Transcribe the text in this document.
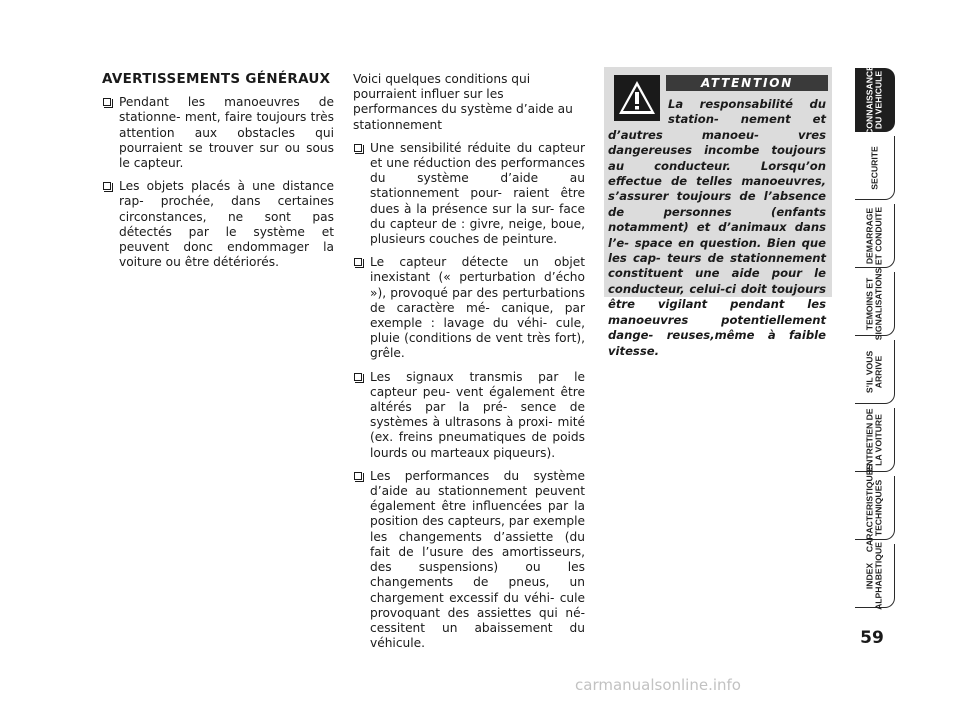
AVERTISSEMENTS GÉNÉRAUX
Pendant les manoeuvres de stationne- ment, faire toujours très attention aux obstacles qui pourraient se trouver sur ou sous le capteur.
Les objets placés à une distance rap- prochée, dans certaines circonstances, ne sont pas détectés par le système et peuvent donc endommager la voiture ou être détériorés.

Voici quelques conditions qui pourraient influer sur les performances du système d’aide au stationnement

Une sensibilité réduite du capteur et une réduction des performances du système d’aide au stationnement pour- raient être dues à la présence sur la sur- face du capteur de : givre, neige, boue, plusieurs couches de peinture.
Le capteur détecte un objet inexistant (« perturbation d’écho »), provoqué par des perturbations de caractère mé- canique, par exemple : lavage du véhi- cule, pluie (conditions de vent très fort), grêle.
Les signaux transmis par le capteur peu- vent également être altérés par la pré- sence de systèmes à ultrasons à proxi- mité (ex. freins pneumatiques de poids lourds ou marteaux piqueurs).
Les performances du système d’aide au stationnement peuvent également être influencées par la position des capteurs, par exemple les changements d’assiette (du fait de l’usure des amortisseurs, des suspensions) ou les changements de pneus, un chargement excessif du véhi- cule provoquant des assiettes qui né- cessitent un abaissement du véhicule.
ATTENTION
La responsabilité du station- nement et d’autres manoeu- vres dangereuses incombe toujours au conducteur. Lorsqu’on effectue de telles manoeuvres, s’assurer toujours de l’absence de personnes (enfants notamment) et d’animaux dans l’e- space en question. Bien que les cap- teurs de stationnement constituent une aide pour le conducteur, celui-ci doit toujours être vigilant pendant les manoeuvres potentiellement dange- reuses,même à faible vitesse.
CONNAISSANCE
DU VEHICULE
SECURITE
DEMARRAGE
ET CONDUITE
TEMOINS ET
SIGNALISATIONS
S’IL VOUS
ARRIVE
ENTRETIEN DE
LA VOITURE
CARACTERISTIQUES
TECHNIQUES
INDEX
ALPHABETIQUE
59
carmanualsonline.info
